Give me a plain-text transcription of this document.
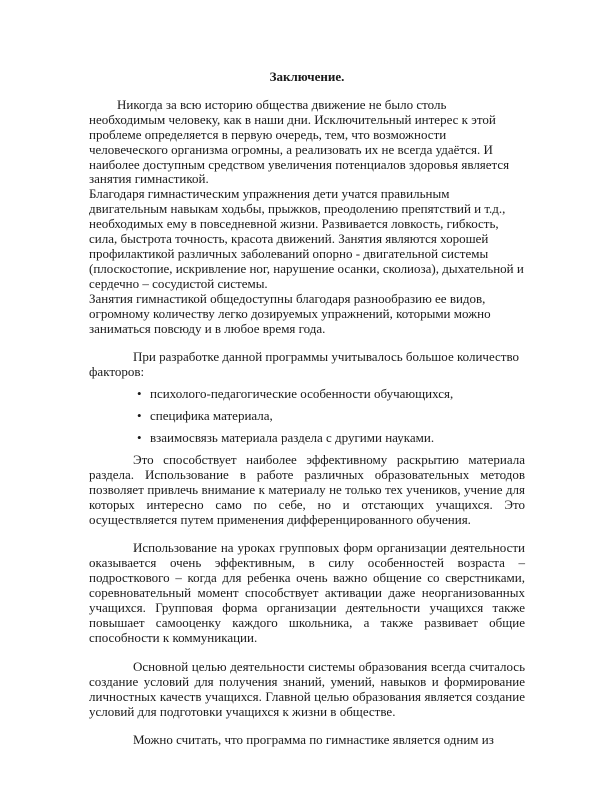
Заключение.

Никогда за всю историю общества движение не было столь необходимым человеку, как в наши дни. Исключительный интерес к этой проблеме определяется в первую очередь, тем, что возможности человеческого организма огромны, а реализовать их не всегда удаётся. И наиболее доступным средством увеличения потенциалов здоровья является занятия гимнастикой.

Благодаря гимнастическим упражнения дети учатся правильным двигательным навыкам ходьбы, прыжков, преодолению препятствий и т.д., необходимых ему в повседневной жизни. Развивается ловкость, гибкость, сила, быстрота точность, красота движений. Занятия являются хорошей профилактикой различных заболеваний опорно - двигательной системы (плоскостопие, искривление ног, нарушение осанки, сколиоза), дыхательной и сердечно – сосудистой системы.

Занятия гимнастикой общедоступны благодаря разнообразию ее видов, огромному количеству легко дозируемых упражнений, которыми можно заниматься повсюду и в любое время года.

При разработке данной программы учитывалось большое количество факторов:

• психолого-педагогические особенности обучающихся,
• специфика материала,
• взаимосвязь материала раздела с другими науками.

Это способствует наиболее эффективному раскрытию материала раздела. Использование в работе различных образовательных методов позволяет привлечь внимание к материалу не только тех учеников, учение для которых интересно само по себе, но и отстающих учащихся. Это осуществляется путем применения дифференцированного обучения.

Использование на уроках групповых форм организации деятельности оказывается очень эффективным, в силу особенностей возраста – подросткового – когда для ребенка очень важно общение со сверстниками, соревновательный момент способствует активации даже неорганизованных учащихся. Групповая форма организации деятельности учащихся также повышает самооценку каждого школьника, а также развивает общие способности к коммуникации.

Основной целью деятельности системы образования всегда считалось создание условий для получения знаний, умений, навыков и формирование личностных качеств учащихся. Главной целью образования является создание условий для подготовки учащихся к жизни в обществе.

Можно считать, что программа по гимнастике является одним из
